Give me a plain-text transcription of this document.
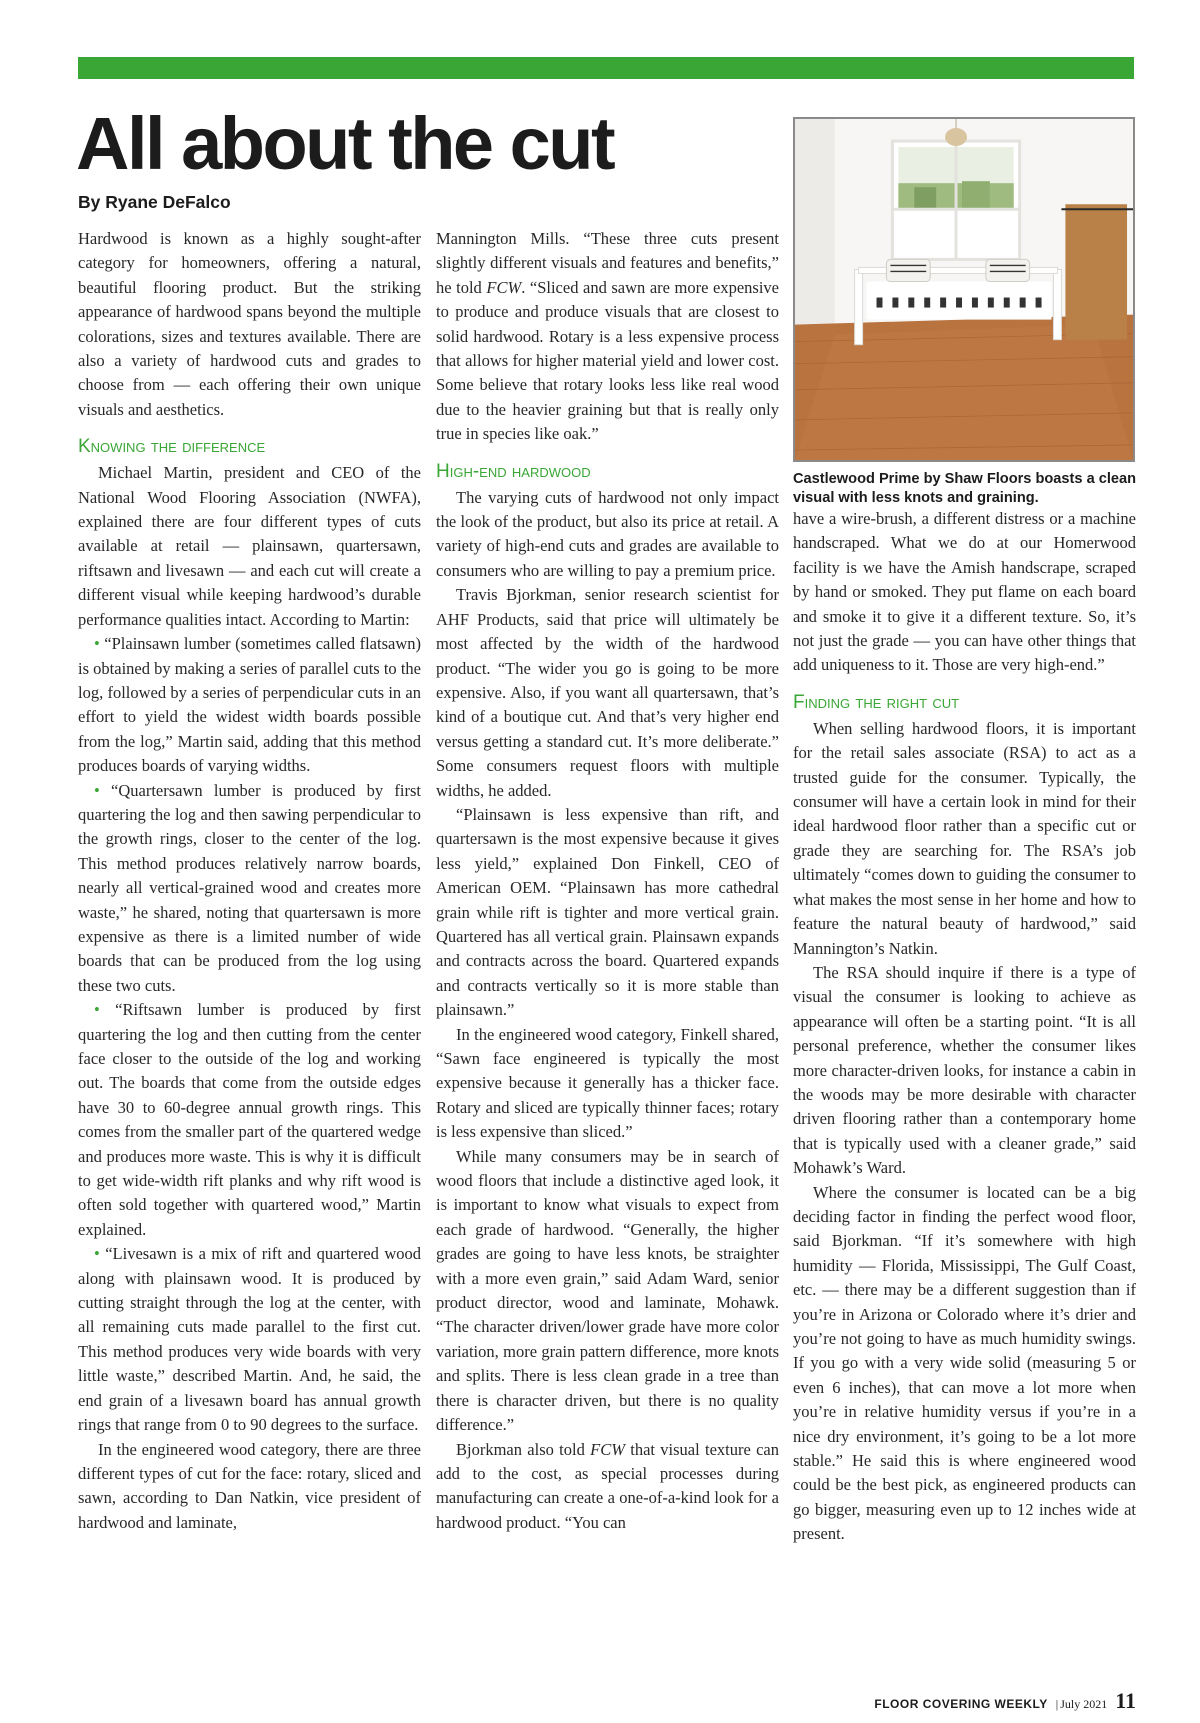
All about the cut
By Ryane DeFalco

Hardwood is known as a highly sought-after category for homeowners, offering a natural, beautiful flooring product. But the striking appearance of hardwood spans beyond the multiple colorations, sizes and textures available. There are also a variety of hardwood cuts and grades to choose from — each offering their own unique visuals and aesthetics.

Knowing the difference

Michael Martin, president and CEO of the National Wood Flooring Association (NWFA), explained there are four different types of cuts available at retail — plainsawn, quartersawn, riftsawn and livesawn — and each cut will create a different visual while keeping hardwood’s durable performance qualities intact. According to Martin:

• “Plainsawn lumber (sometimes called flatsawn) is obtained by making a series of parallel cuts to the log, followed by a series of perpendicular cuts in an effort to yield the widest width boards possible from the log,” Martin said, adding that this method produces boards of varying widths.

• “Quartersawn lumber is produced by first quartering the log and then sawing perpendicular to the growth rings, closer to the center of the log. This method produces relatively narrow boards, nearly all vertical-grained wood and creates more waste,” he shared, noting that quartersawn is more expensive as there is a limited number of wide boards that can be produced from the log using these two cuts.

• “Riftsawn lumber is produced by first quartering the log and then cutting from the center face closer to the outside of the log and working out. The boards that come from the outside edges have 30 to 60-degree annual growth rings. This comes from the smaller part of the quartered wedge and produces more waste. This is why it is difficult to get wide-width rift planks and why rift wood is often sold together with quartered wood,” Martin explained.

• “Livesawn is a mix of rift and quartered wood along with plainsawn wood. It is produced by cutting straight through the log at the center, with all remaining cuts made parallel to the first cut. This method produces very wide boards with very little waste,” described Martin. And, he said, the end grain of a livesawn board has annual growth rings that range from 0 to 90 degrees to the surface.

In the engineered wood category, there are three different types of cut for the face: rotary, sliced and sawn, according to Dan Natkin, vice president of hardwood and laminate,

Mannington Mills. “These three cuts present slightly different visuals and features and benefits,” he told FCW. “Sliced and sawn are more expensive to produce and produce visuals that are closest to solid hardwood. Rotary is a less expensive process that allows for higher material yield and lower cost. Some believe that rotary looks less like real wood due to the heavier graining but that is really only true in species like oak.”

High-end hardwood

The varying cuts of hardwood not only impact the look of the product, but also its price at retail. A variety of high-end cuts and grades are available to consumers who are willing to pay a premium price.

Travis Bjorkman, senior research scientist for AHF Products, said that price will ultimately be most affected by the width of the hardwood product. “The wider you go is going to be more expensive. Also, if you want all quartersawn, that’s kind of a boutique cut. And that’s very higher end versus getting a standard cut. It’s more deliberate.” Some consumers request floors with multiple widths, he added.

“Plainsawn is less expensive than rift, and quartersawn is the most expensive because it gives less yield,” explained Don Finkell, CEO of American OEM. “Plainsawn has more cathedral grain while rift is tighter and more vertical grain. Quartered has all vertical grain. Plainsawn expands and contracts across the board. Quartered expands and contracts vertically so it is more stable than plainsawn.”

In the engineered wood category, Finkell shared, “Sawn face engineered is typically the most expensive because it generally has a thicker face. Rotary and sliced are typically thinner faces; rotary is less expensive than sliced.”

While many consumers may be in search of wood floors that include a distinctive aged look, it is important to know what visuals to expect from each grade of hardwood. “Generally, the higher grades are going to have less knots, be straighter with a more even grain,” said Adam Ward, senior product director, wood and laminate, Mohawk. “The character driven/lower grade have more color variation, more grain pattern difference, more knots and splits. There is less clean grade in a tree than there is character driven, but there is no quality difference.”

Bjorkman also told FCW that visual texture can add to the cost, as special processes during manufacturing can create a one-of-a-kind look for a hardwood product. “You can

Castlewood Prime by Shaw Floors boasts a clean visual with less knots and graining.

have a wire-brush, a different distress or a machine handscraped. What we do at our Homerwood facility is we have the Amish handscrape, scraped by hand or smoked. They put flame on each board and smoke it to give it a different texture. So, it’s not just the grade — you can have other things that add uniqueness to it. Those are very high-end.”

Finding the right cut

When selling hardwood floors, it is important for the retail sales associate (RSA) to act as a trusted guide for the consumer. Typically, the consumer will have a certain look in mind for their ideal hardwood floor rather than a specific cut or grade they are searching for. The RSA’s job ultimately “comes down to guiding the consumer to what makes the most sense in her home and how to feature the natural beauty of hardwood,” said Mannington’s Natkin.

The RSA should inquire if there is a type of visual the consumer is looking to achieve as appearance will often be a starting point. “It is all personal preference, whether the consumer likes more character-driven looks, for instance a cabin in the woods may be more desirable with character driven flooring rather than a contemporary home that is typically used with a cleaner grade,” said Mohawk’s Ward.

Where the consumer is located can be a big deciding factor in finding the perfect wood floor, said Bjorkman. “If it’s somewhere with high humidity — Florida, Mississippi, The Gulf Coast, etc. — there may be a different suggestion than if you’re in Arizona or Colorado where it’s drier and you’re not going to have as much humidity swings. If you go with a very wide solid (measuring 5 or even 6 inches), that can move a lot more when you’re in relative humidity versus if you’re in a nice dry environment, it’s going to be a lot more stable.” He said this is where engineered wood could be the best pick, as engineered products can go bigger, measuring even up to 12 inches wide at present.

FLOOR COVERING WEEKLY | July 2021 11
